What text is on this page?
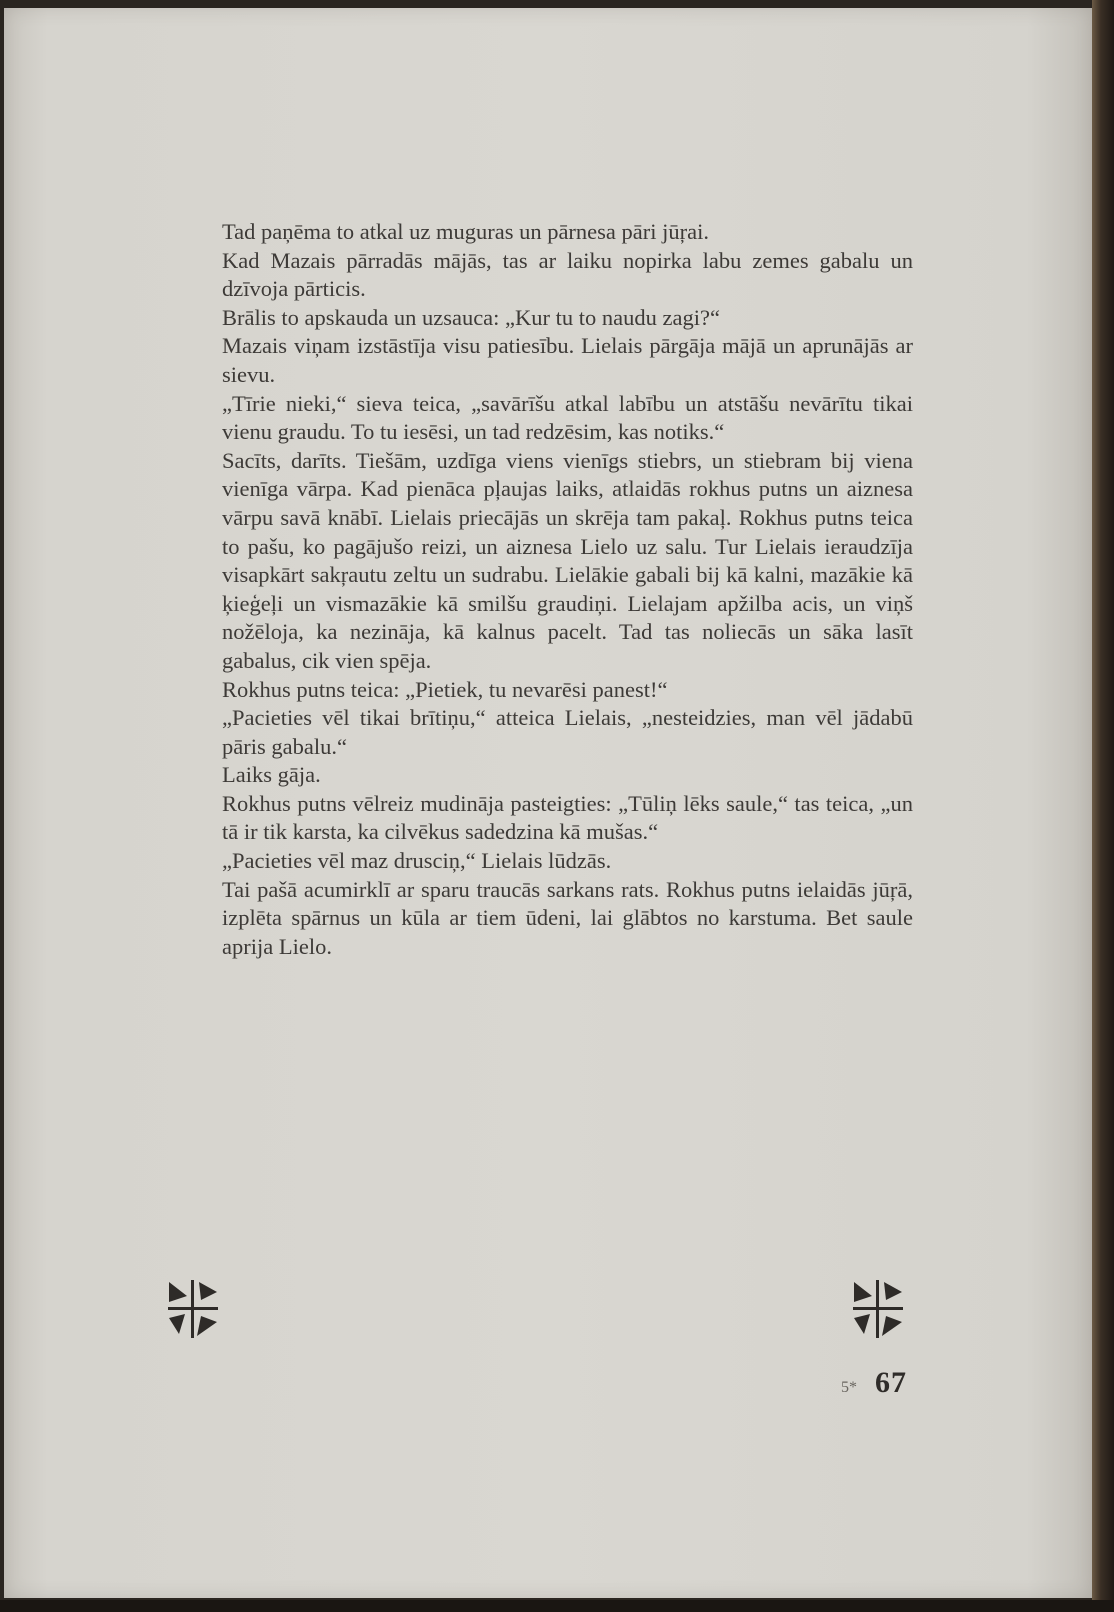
Tad paņēma to atkal uz muguras un pārnesa pāri jūŗai.

Kad Mazais pārradās mājās, tas ar laiku nopirka labu zemes gabalu un dzīvoja pārticis.

Brālis to apskauda un uzsauca: „Kur tu to naudu zagi?“

Mazais viņam izstāstīja visu patiesību. Lielais pārgāja mājā un aprunājās ar sievu.

„Tīrie nieki,“ sieva teica, „savārīšu atkal labību un atstāšu nevārītu tikai vienu graudu. To tu iesēsi, un tad redzēsim, kas notiks.“

Sacīts, darīts. Tiešām, uzdīga viens vienīgs stiebrs, un stiebram bij viena vienīga vārpa. Kad pienāca pļaujas laiks, atlaidās rokhus putns un aiznesa vārpu savā knābī. Lielais priecājās un skrēja tam pakaļ. Rokhus putns teica to pašu, ko pagājušo reizi, un aiznesa Lielo uz salu. Tur Lielais ieraudzīja visapkārt sakŗautu zeltu un sudrabu. Lielākie gabali bij kā kalni, mazākie kā ķieģeļi un vismazākie kā smilšu graudiņi. Lielajam apžilba acis, un viņš nožēloja, ka nezināja, kā kalnus pacelt. Tad tas noliecās un sāka lasīt gabalus, cik vien spēja.

Rokhus putns teica: „Pietiek, tu nevarēsi panest!“

„Pacieties vēl tikai brītiņu,“ atteica Lielais, „nesteidzies, man vēl jādabū pāris gabalu.“

Laiks gāja.

Rokhus putns vēlreiz mudināja pasteigties: „Tūliņ lēks saule,“ tas teica, „un tā ir tik karsta, ka cilvēkus sadedzina kā mušas.“

„Pacieties vēl maz drusciņ,“ Lielais lūdzās.

Tai pašā acumirklī ar sparu traucās sarkans rats. Rokhus putns ielaidās jūŗā, izplēta spārnus un kūla ar tiem ūdeni, lai glābtos no karstuma. Bet saule aprija Lielo.

5* 67
